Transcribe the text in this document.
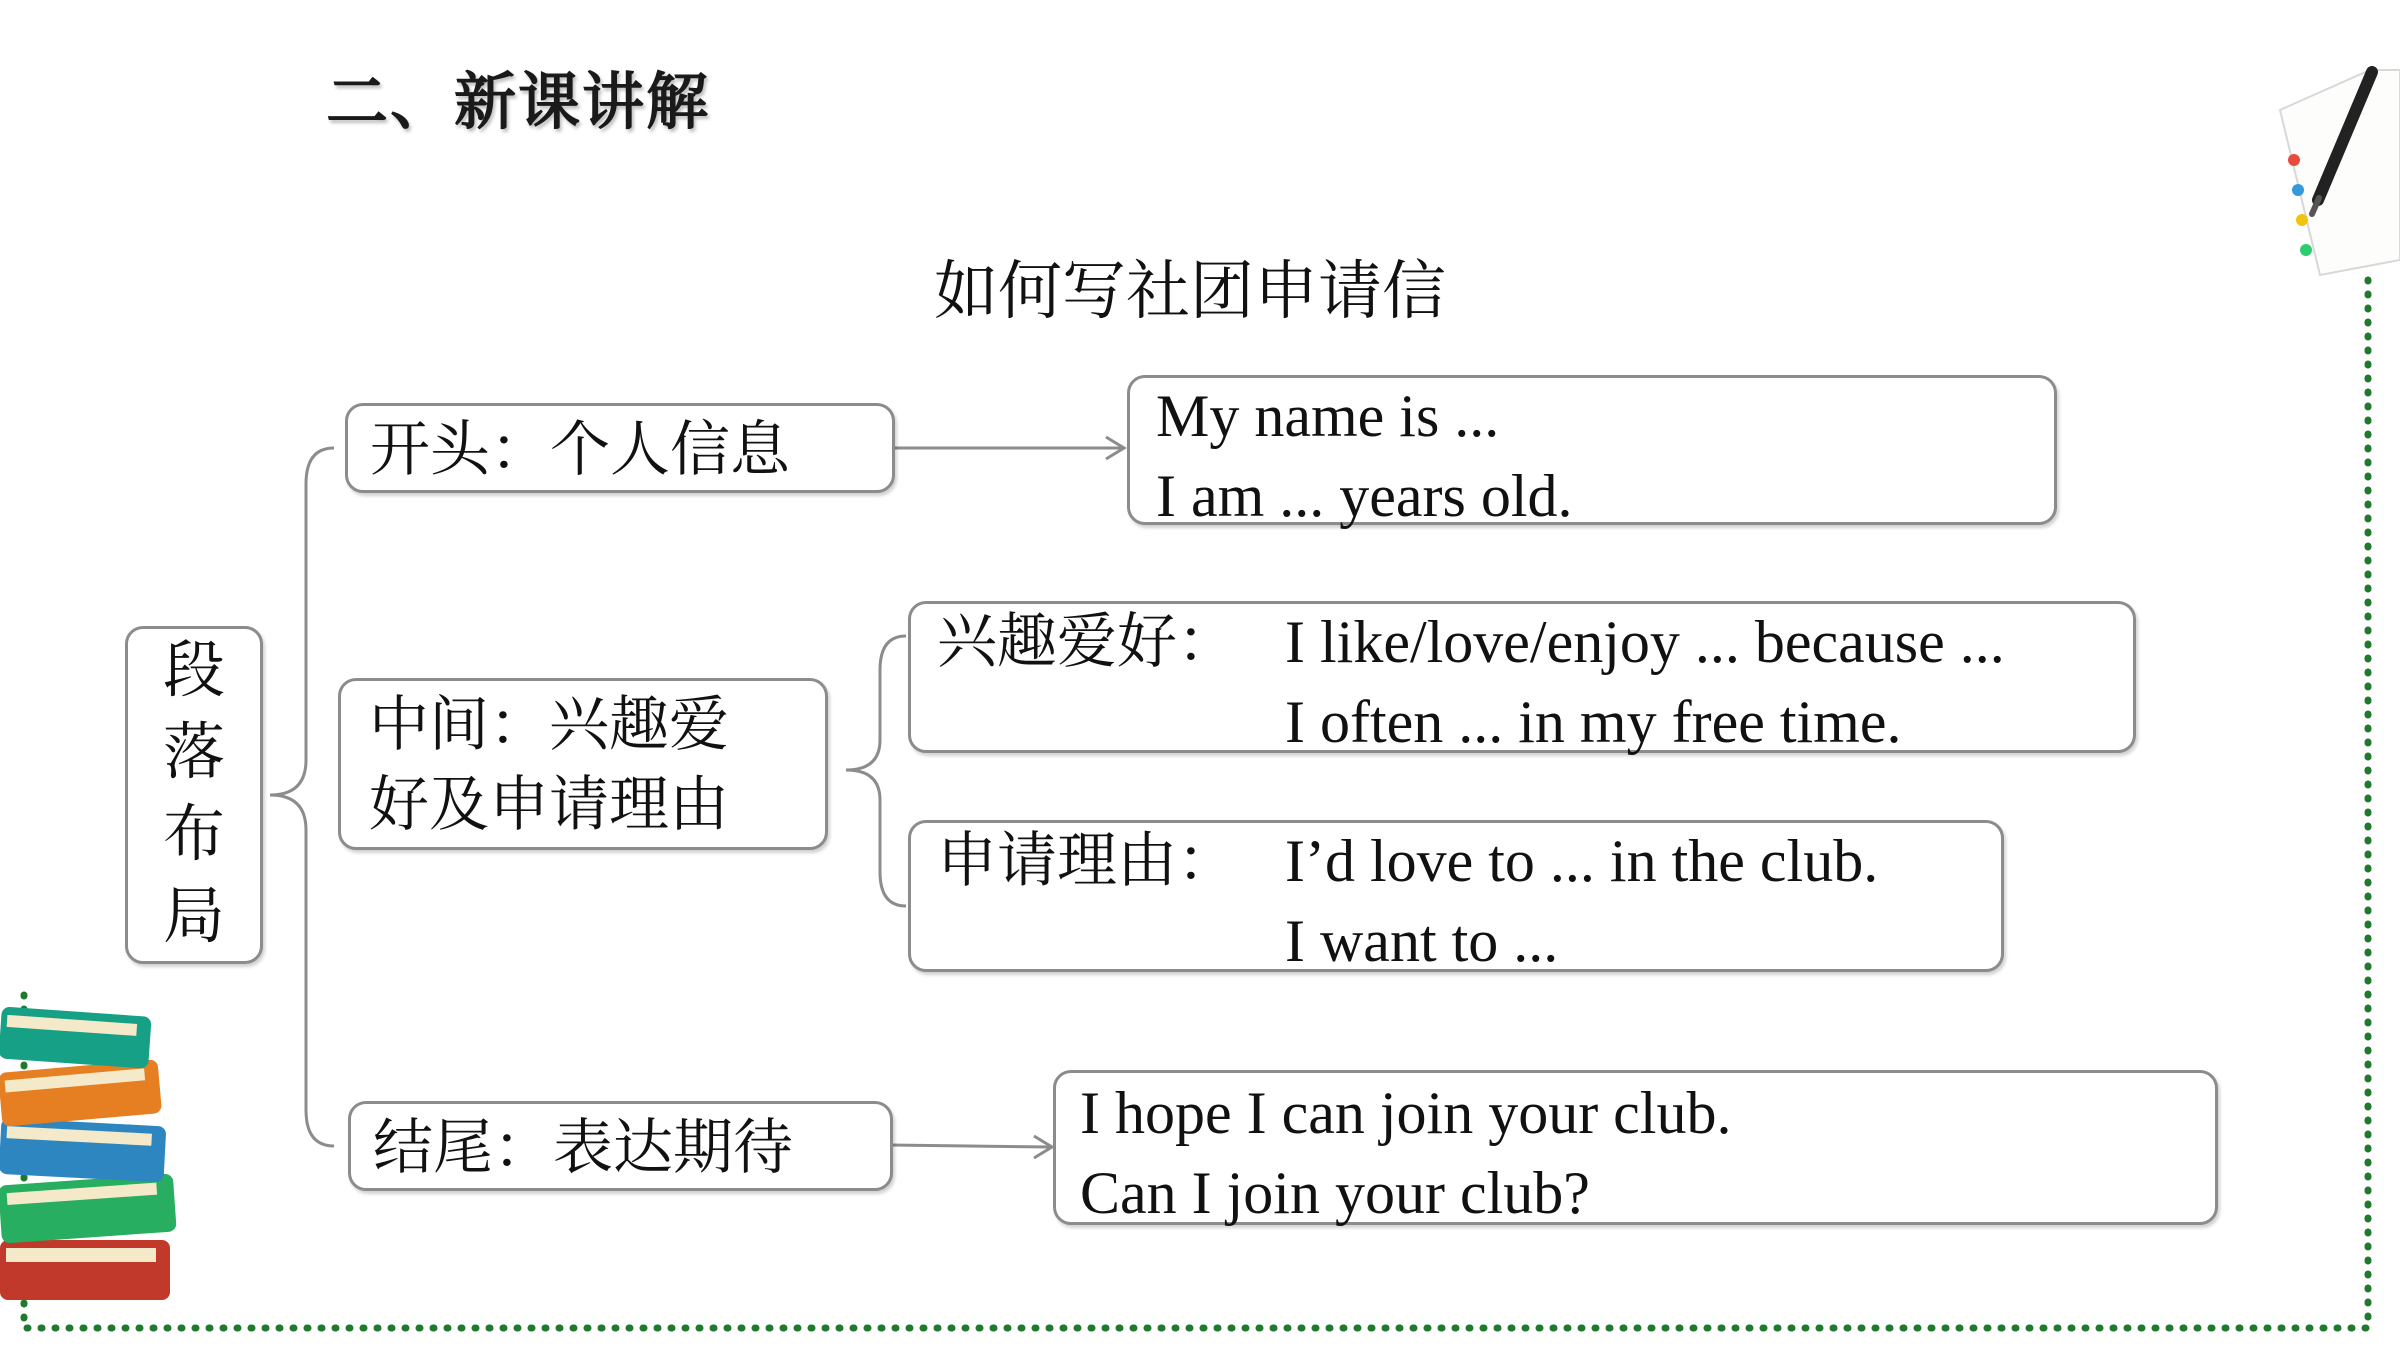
二、新课讲解
如何写社团申请信
段
落
布
局
开头：个人信息	My name is ...
I am ... years old.
中间：兴趣爱
好及申请理由
兴趣爱好： I like/love/enjoy ... because ...
I often ... in my free time.
申请理由： I’d love to ... in the club.
I want to ...
结尾：表达期待	I hope I can join your club.
Can I join your club?
